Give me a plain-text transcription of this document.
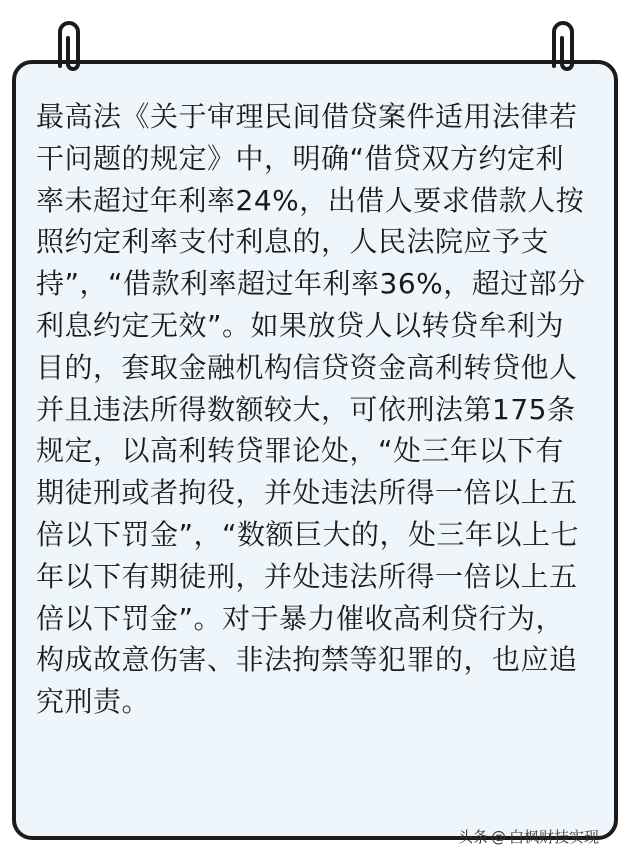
最高法《关于审理民间借贷案件适用法律若
干问题的规定》中，明确“借贷双方约定利
率未超过年利率24%，出借人要求借款人按
照约定利率支付利息的，人民法院应予支
持”，“借款利率超过年利率36%，超过部分
利息约定无效”。如果放贷人以转贷牟利为
目的，套取金融机构信贷资金高利转贷他人
并且违法所得数额较大，可依刑法第175条
规定，以高利转贷罪论处，“处三年以下有
期徒刑或者拘役，并处违法所得一倍以上五
倍以下罚金”，“数额巨大的，处三年以上七
年以下有期徒刑，并处违法所得一倍以上五
倍以下罚金”。对于暴力催收高利贷行为，
构成故意伤害、非法拘禁等犯罪的，也应追
究刑责。

头条 @ 白枫财技实现
